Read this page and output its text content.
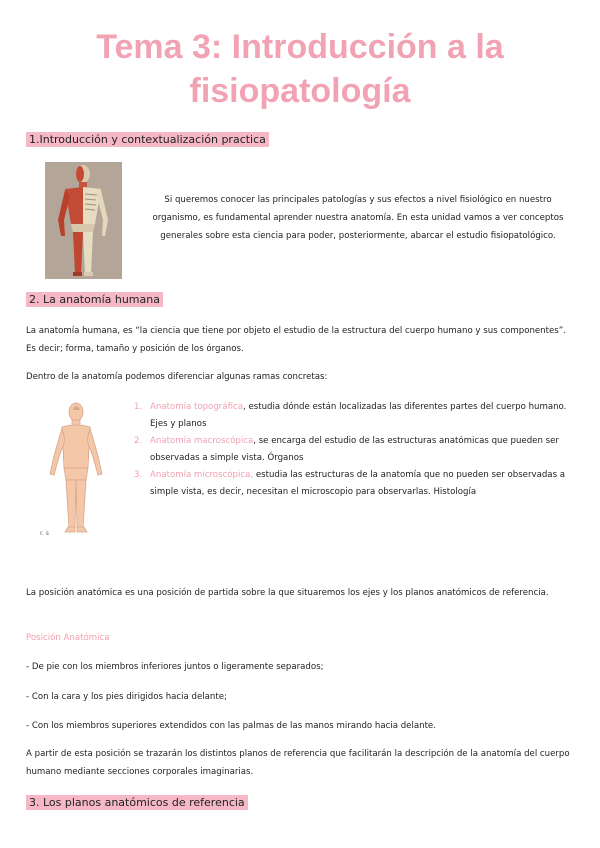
Tema 3: Introducción a la
fisiopatología
1.Introducción y contextualización practica
Si queremos conocer las principales patologías y sus efectos a nivel fisiológico en nuestro organismo, es fundamental aprender nuestra anatomía. En esta unidad vamos a ver conceptos generales sobre esta ciencia para poder, posteriormente, abarcar el estudio fisiopatológico.
2. La anatomía humana
La anatomía humana, es “la ciencia que tiene por objeto el estudio de la estructura del cuerpo humano y sus componentes”. Es decir; forma, tamaño y posición de los órganos.
Dentro de la anatomía podemos diferenciar algunas ramas concretas:
r. s
1. Anatomía topográfica, estudia dónde están localizadas las diferentes partes del cuerpo humano. Ejes y planos
2. Anatomía macroscópica, se encarga del estudio de las estructuras anatómicas que pueden ser observadas a simple vista. Órganos
3. Anatomía microscópica, estudia las estructuras de la anatomía que no pueden ser observadas a simple vista, es decir, necesitan el microscopio para observarlas. Histología
La posición anatómica es una posición de partida sobre la que situaremos los ejes y los planos anatómicos de referencia.
Posición Anatómica
- De pie con los miembros inferiores juntos o ligeramente separados;
- Con la cara y los pies dirigidos hacia delante;
- Con los miembros superiores extendidos con las palmas de las manos mirando hacia delante.
A partir de esta posición se trazarán los distintos planos de referencia que facilitarán la descripción de la anatomía del cuerpo humano mediante secciones corporales imaginarias.
3. Los planos anatómicos de referencia
